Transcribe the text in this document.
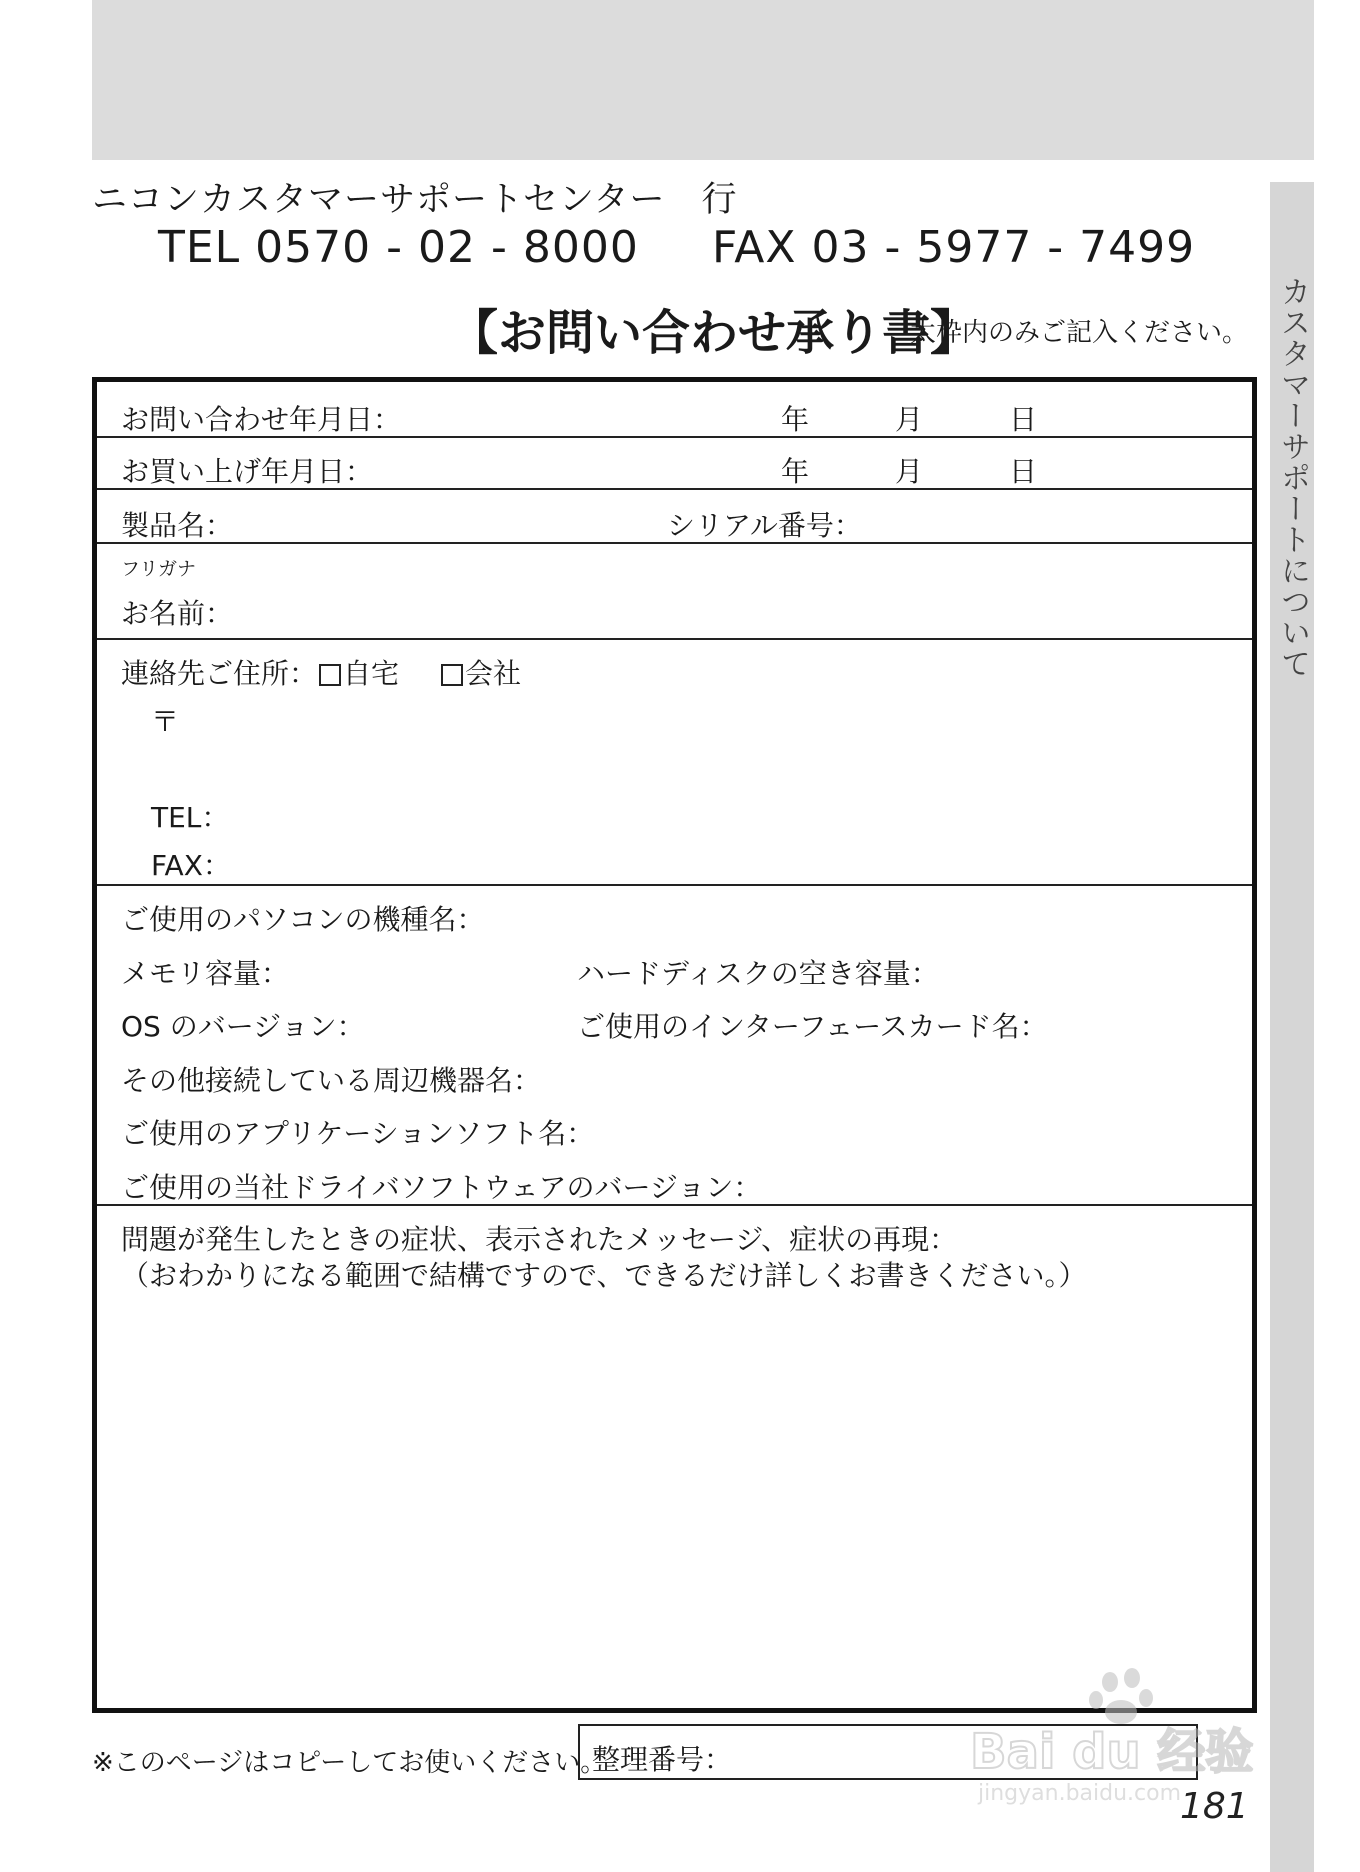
カスタマーサポートについて
ニコンカスタマーサポートセンター　行
TEL 0570 - 02 - 8000 FAX 03 - 5977 - 7499
【お問い合わせ承り書】
太枠内のみご記入ください。
お問い合わせ年月日：	年	月	日
お買い上げ年月日：	年	月	日
製品名：	シリアル番号：
フリガナ
お名前：
連絡先ご住所： 自宅 会社
〒
TEL：
FAX：
ご使用のパソコンの機種名：
メモリ容量：	ハードディスクの空き容量：
OS のバージョン：	ご使用のインターフェースカード名：
その他接続している周辺機器名：
ご使用のアプリケーションソフト名：
ご使用の当社ドライバソフトウェアのバージョン：
問題が発生したときの症状、表示されたメッセージ、症状の再現：
（おわかりになる範囲で結構ですので、できるだけ詳しくお書きください。）
※このページはコピーしてお使いください。
整理番号：	Bai du 经验
jingyan.baidu.com
181
